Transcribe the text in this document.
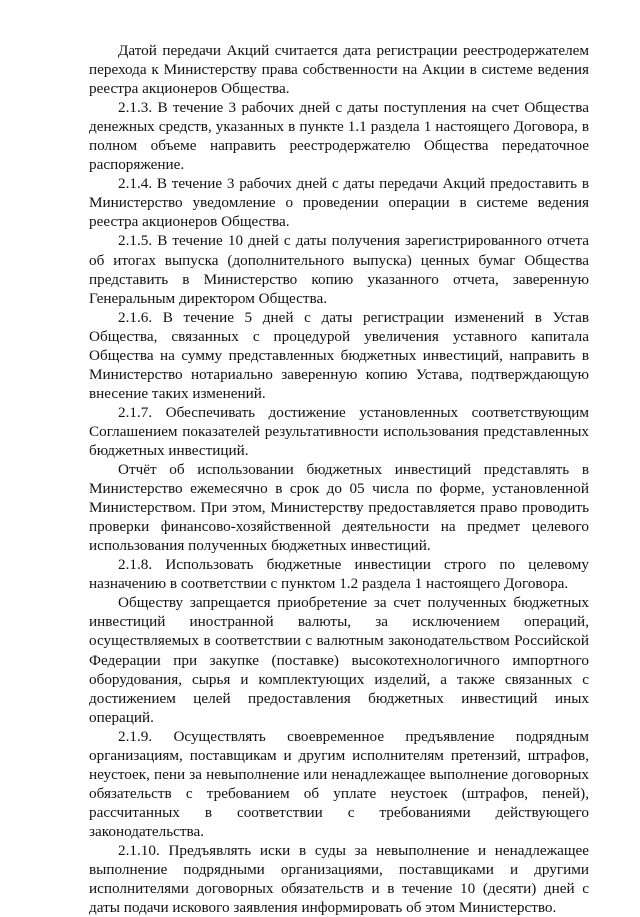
Датой передачи Акций считается дата регистрации реестродержателем перехода к Министерству права собственности на Акции в системе ведения реестра акционеров Общества.

2.1.3. В течение 3 рабочих дней с даты поступления на счет Общества денежных средств, указанных в пункте 1.1 раздела 1 настоящего Договора, в полном объеме направить реестродержателю Общества передаточное распоряжение.

2.1.4. В течение 3 рабочих дней с даты передачи Акций предоставить в Министерство уведомление о проведении операции в системе ведения реестра акционеров Общества.

2.1.5. В течение 10 дней с даты получения зарегистрированного отчета об итогах выпуска (дополнительного выпуска) ценных бумаг Общества представить в Министерство копию указанного отчета, заверенную Генеральным директором Общества.

2.1.6. В течение 5 дней с даты регистрации изменений в Устав Общества, связанных с процедурой увеличения уставного капитала Общества на сумму представленных бюджетных инвестиций, направить в Министерство нотариально заверенную копию Устава, подтверждающую внесение таких изменений.

2.1.7. Обеспечивать достижение установленных соответствующим Соглашением показателей результативности использования представленных бюджетных инвестиций.

Отчёт об использовании бюджетных инвестиций представлять в Министерство ежемесячно в срок до 05 числа по форме, установленной Министерством. При этом, Министерству предоставляется право проводить проверки финансово-хозяйственной деятельности на предмет целевого использования полученных бюджетных инвестиций.

2.1.8. Использовать бюджетные инвестиции строго по целевому назначению в соответствии с пунктом 1.2 раздела 1 настоящего Договора.

Обществу запрещается приобретение за счет полученных бюджетных инвестиций иностранной валюты, за исключением операций, осуществляемых в соответствии с валютным законодательством Российской Федерации при закупке (поставке) высокотехнологичного импортного оборудования, сырья и комплектующих изделий, а также связанных с достижением целей предоставления бюджетных инвестиций иных операций.

2.1.9. Осуществлять своевременное предъявление подрядным организациям, поставщикам и другим исполнителям претензий, штрафов, неустоек, пени за невыполнение или ненадлежащее выполнение договорных обязательств с требованием об уплате неустоек (штрафов, пеней), рассчитанных в соответствии с требованиями действующего законодательства.

2.1.10. Предъявлять иски в суды за невыполнение и ненадлежащее выполнение подрядными организациями, поставщиками и другими исполнителями договорных обязательств и в течение 10 (десяти) дней с даты подачи искового заявления информировать об этом Министерство.
